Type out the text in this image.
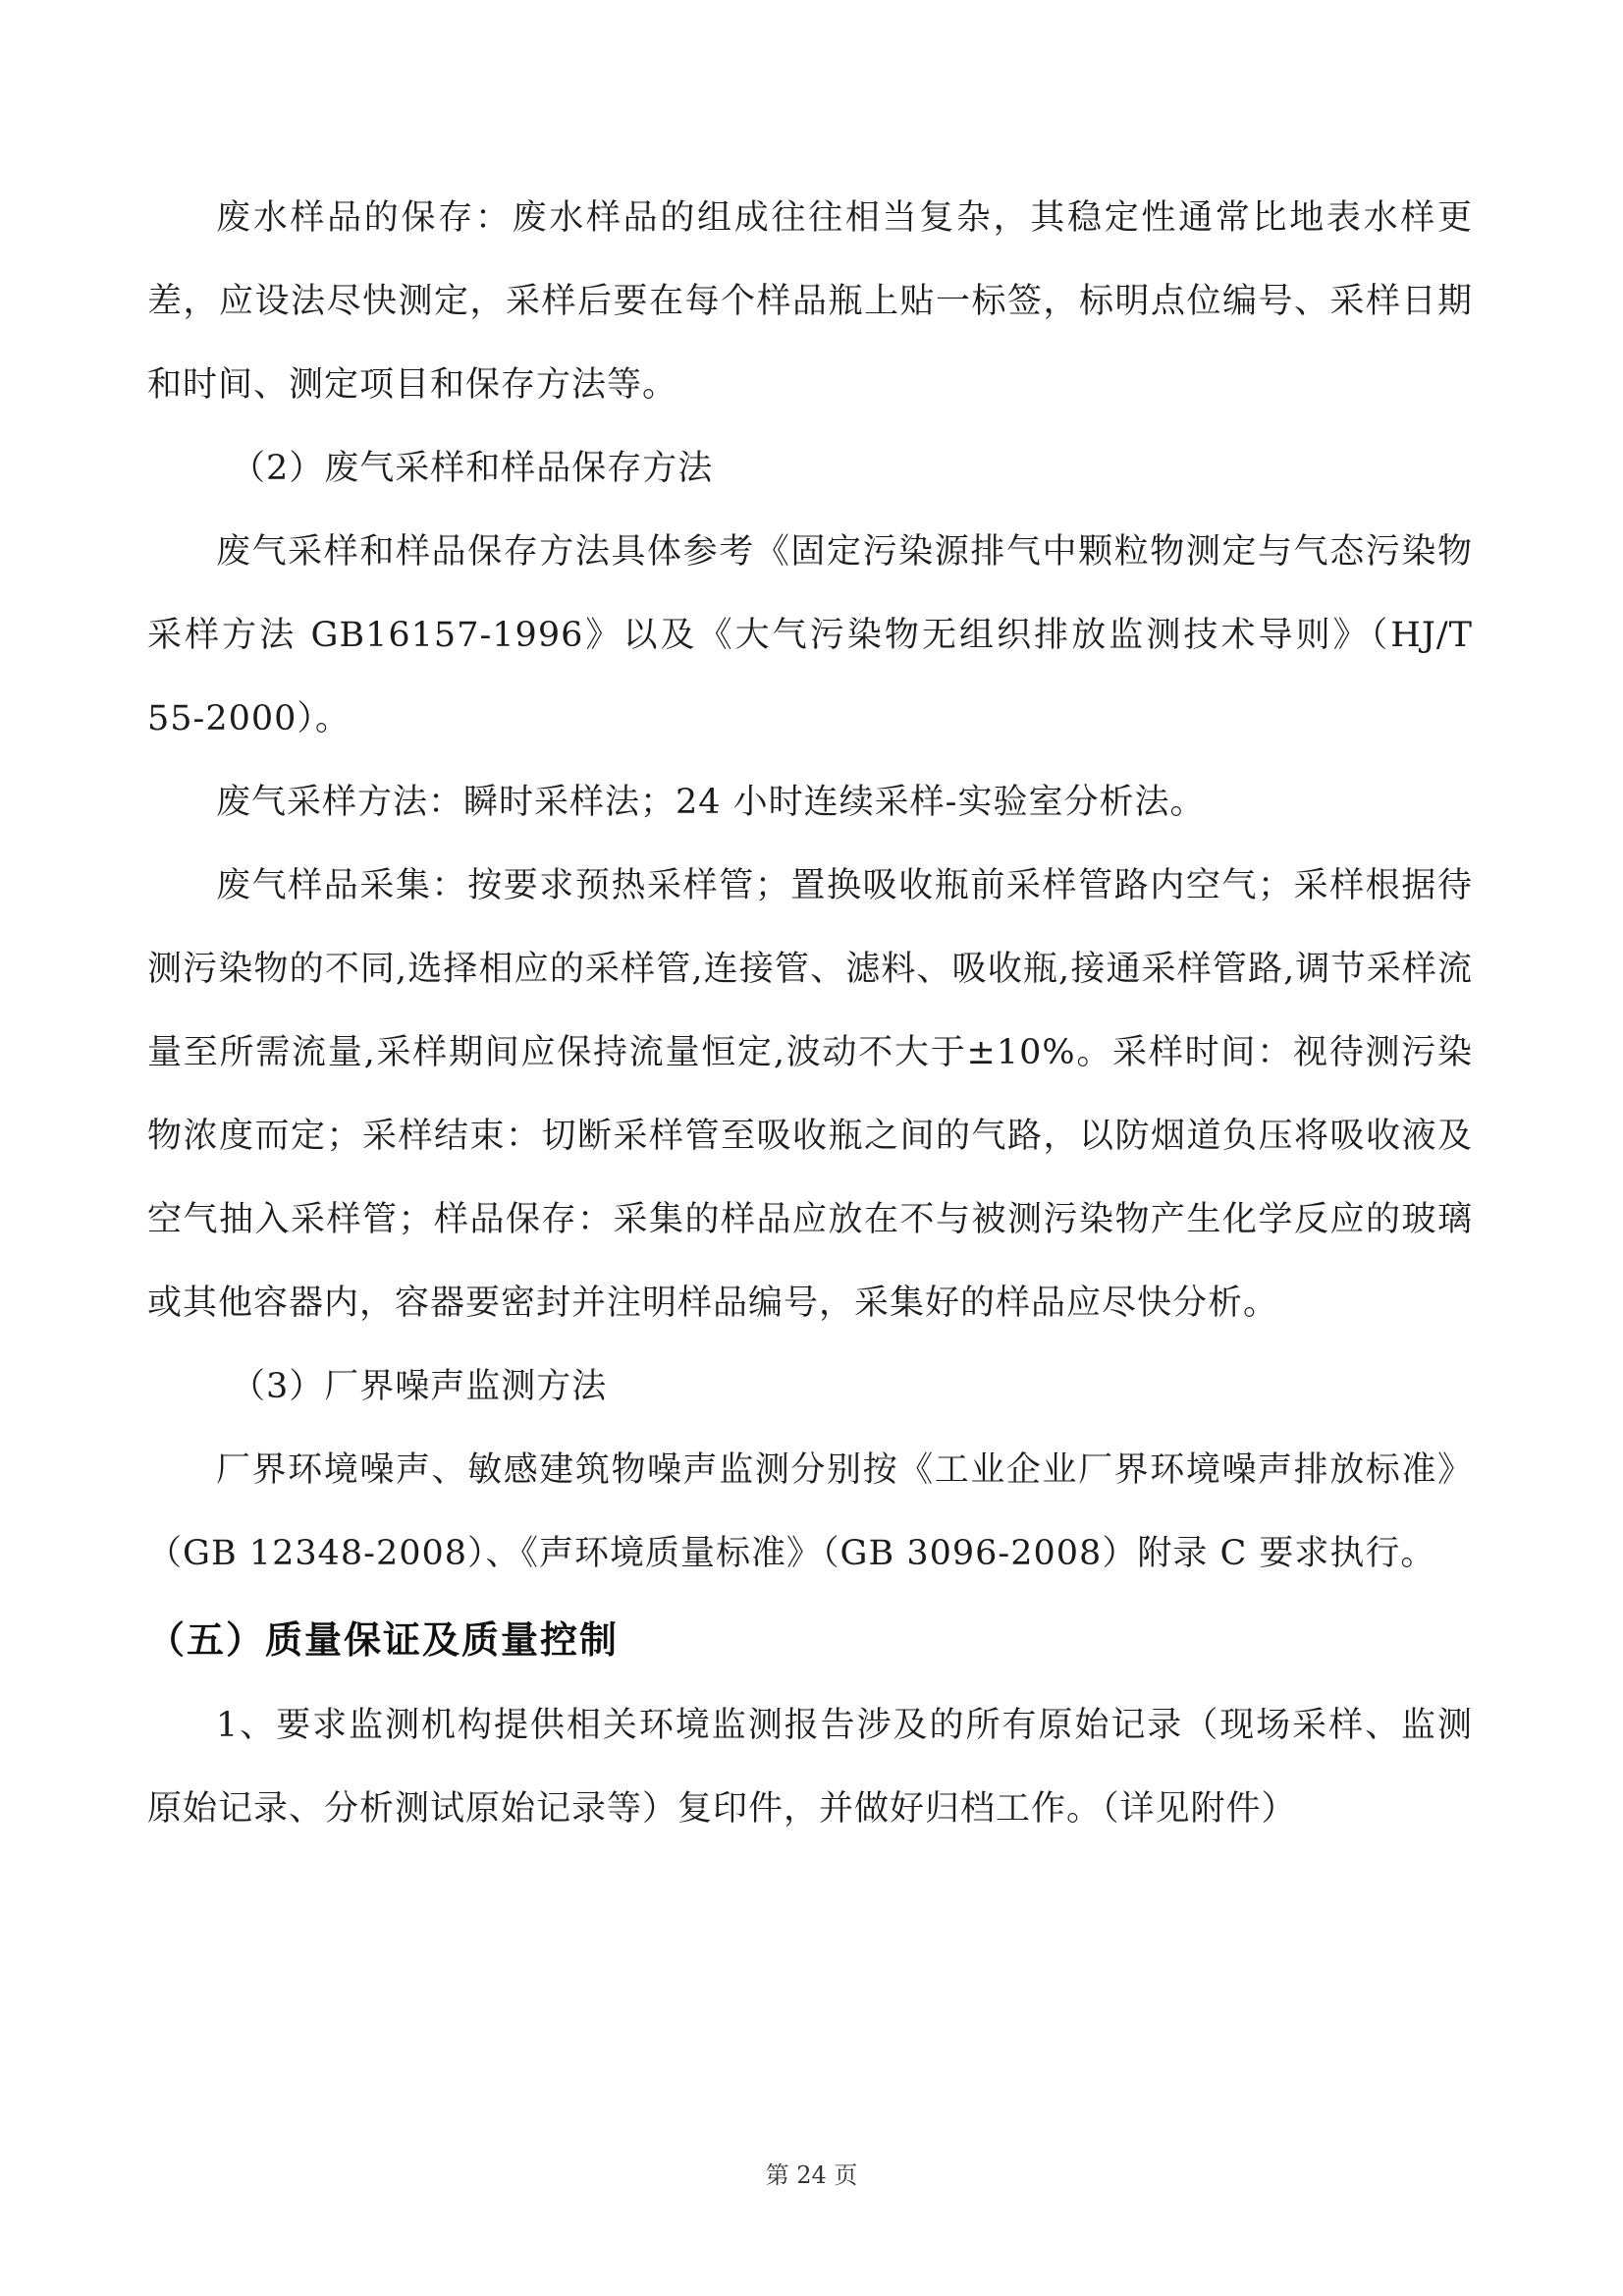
废水样品的保存：废水样品的组成往往相当复杂，其稳定性通常比地表水样更差，应设法尽快测定，采样后要在每个样品瓶上贴一标签，标明点位编号、采样日期和时间、测定项目和保存方法等。

（2）废气采样和样品保存方法

废气采样和样品保存方法具体参考《固定污染源排气中颗粒物测定与气态污染物采样方法 GB16157-1996》以及《大气污染物无组织排放监测技术导则》（HJ/T 55-2000）。

废气采样方法：瞬时采样法；24 小时连续采样-实验室分析法。

废气样品采集：按要求预热采样管；置换吸收瓶前采样管路内空气；采样根据待测污染物的不同,选择相应的采样管,连接管、滤料、吸收瓶,接通采样管路,调节采样流量至所需流量,采样期间应保持流量恒定,波动不大于±10%。采样时间：视待测污染物浓度而定；采样结束：切断采样管至吸收瓶之间的气路，以防烟道负压将吸收液及空气抽入采样管；样品保存：采集的样品应放在不与被测污染物产生化学反应的玻璃或其他容器内，容器要密封并注明样品编号，采集好的样品应尽快分析。

（3）厂界噪声监测方法

厂界环境噪声、敏感建筑物噪声监测分别按《工业企业厂界环境噪声排放标准》（GB 12348-2008）、《声环境质量标准》（GB 3096-2008）附录 C 要求执行。

（五）质量保证及质量控制

1、要求监测机构提供相关环境监测报告涉及的所有原始记录（现场采样、监测原始记录、分析测试原始记录等）复印件，并做好归档工作。（详见附件）

第 24 页
